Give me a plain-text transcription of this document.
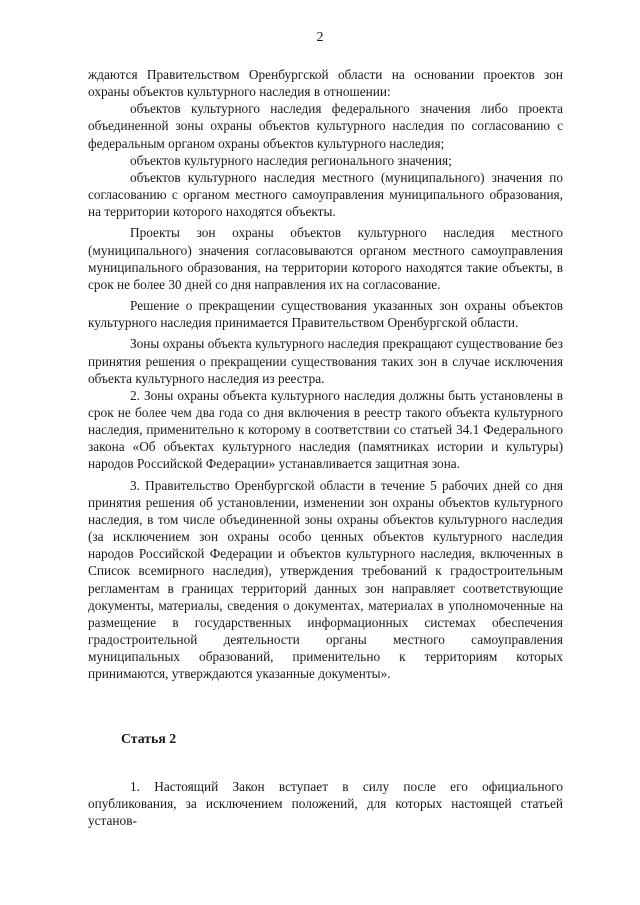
2

ждаются Правительством Оренбургской области на основании проектов зон охраны объектов культурного наследия в отношении:

объектов культурного наследия федерального значения либо проекта объединенной зоны охраны объектов культурного наследия по согласованию с федеральным органом охраны объектов культурного наследия;

объектов культурного наследия регионального значения;

объектов культурного наследия местного (муниципального) значения по согласованию с органом местного самоуправления муниципального образования, на территории которого находятся объекты.

Проекты зон охраны объектов культурного наследия местного (муниципального) значения согласовываются органом местного самоуправления муниципального образования, на территории которого находятся такие объекты, в срок не более 30 дней со дня направления их на согласование.

Решение о прекращении существования указанных зон охраны объектов культурного наследия принимается Правительством Оренбургской области.

Зоны охраны объекта культурного наследия прекращают существование без принятия решения о прекращении существования таких зон в случае исключения объекта культурного наследия из реестра.

2. Зоны охраны объекта культурного наследия должны быть установлены в срок не более чем два года со дня включения в реестр такого объекта культурного наследия, применительно к которому в соответствии со статьей 34.1 Федерального закона «Об объектах культурного наследия (памятниках истории и культуры) народов Российской Федерации» устанавливается защитная зона.

3. Правительство Оренбургской области в течение 5 рабочих дней со дня принятия решения об установлении, изменении зон охраны объектов культурного наследия, в том числе объединенной зоны охраны объектов культурного наследия (за исключением зон охраны особо ценных объектов культурного наследия народов Российской Федерации и объектов культурного наследия, включенных в Список всемирного наследия), утверждения требований к градостроительным регламентам в границах территорий данных зон направляет соответствующие документы, материалы, сведения о документах, материалах в уполномоченные на размещение в государственных информационных системах обеспечения градостроительной деятельности органы местного самоуправления муниципальных образований, применительно к территориям которых принимаются, утверждаются указанные документы».

Статья 2

1. Настоящий Закон вступает в силу после его официального опубликования, за исключением положений, для которых настоящей статьей установ-
